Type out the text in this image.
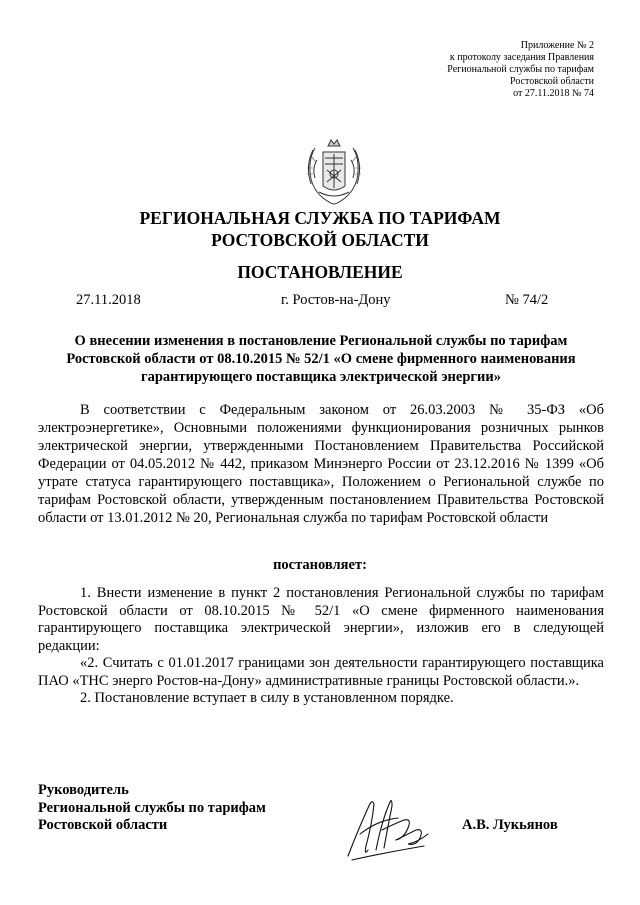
Приложение № 2
к протоколу заседания Правления
Региональной службы по тарифам
Ростовской области
от 27.11.2018 № 74
РЕГИОНАЛЬНАЯ СЛУЖБА ПО ТАРИФАМ
РОСТОВСКОЙ ОБЛАСТИ
ПОСТАНОВЛЕНИЕ
27.11.2018	г. Ростов-на-Дону	№ 74/2
О внесении изменения в постановление Региональной службы по тарифам Ростовской области от 08.10.2015 № 52/1 «О смене фирменного наименования гарантирующего поставщика электрической энергии»
В соответствии с Федеральным законом от 26.03.2003 № 35-ФЗ «Об электроэнергетике», Основными положениями функционирования розничных рынков электрической энергии, утвержденными Постановлением Правительства Российской Федерации от 04.05.2012 № 442, приказом Минэнерго России от 23.12.2016 № 1399 «Об утрате статуса гарантирующего поставщика», Положением о Региональной службе по тарифам Ростовской области, утвержденным постановлением Правительства Ростовской области от 13.01.2012 № 20, Региональная служба по тарифам Ростовской области
постановляет:

1. Внести изменение в пункт 2 постановления Региональной службы по тарифам Ростовской области от 08.10.2015 № 52/1 «О смене фирменного наименования гарантирующего поставщика электрической энергии», изложив его в следующей редакции:

«2. Считать с 01.01.2017 границами зон деятельности гарантирующего поставщика ПАО «ТНС энерго Ростов-на-Дону» административные границы Ростовской области.».

2. Постановление вступает в силу в установленном порядке.

Руководитель
Региональной службы по тарифам
Ростовской области	А.В. Лукьянов
